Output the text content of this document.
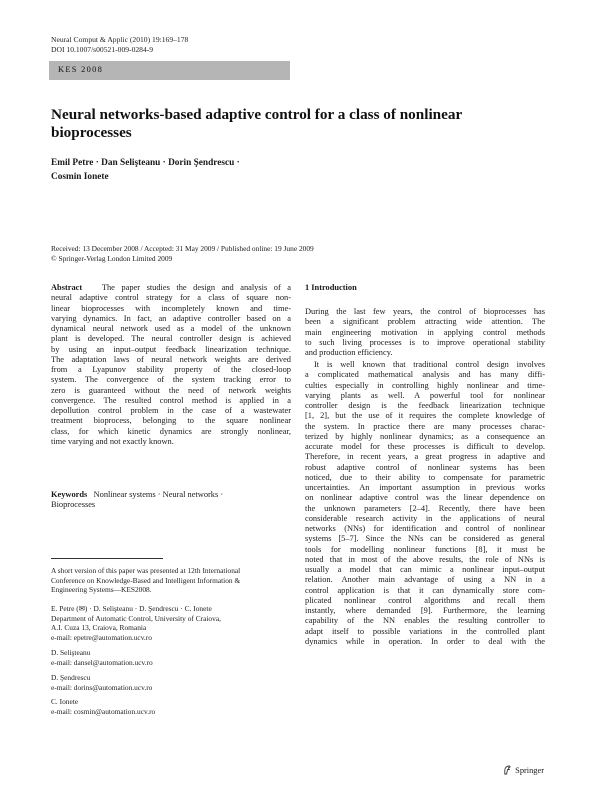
Neural Comput & Applic (2010) 19:169–178
DOI 10.1007/s00521-009-0284-9
KES 2008
Neural networks-based adaptive control for a class of nonlinear
bioprocesses
Emil Petre · Dan Selişteanu · Dorin Şendrescu ·
Cosmin Ionete
Received: 13 December 2008 / Accepted: 31 May 2009 / Published online: 19 June 2009
© Springer-Verlag London Limited 2009
Abstract The paper studies the design and analysis of a
neural adaptive control strategy for a class of square non-
linear bioprocesses with incompletely known and time-
varying dynamics. In fact, an adaptive controller based on a
dynamical neural network used as a model of the unknown
plant is developed. The neural controller design is achieved
by using an input–output feedback linearization technique.
The adaptation laws of neural network weights are derived
from a Lyapunov stability property of the closed-loop
system. The convergence of the system tracking error to
zero is guaranteed without the need of network weights
convergence. The resulted control method is applied in a
depollution control problem in the case of a wastewater
treatment bioprocess, belonging to the square nonlinear
class, for which kinetic dynamics are strongly nonlinear,
time varying and not exactly known.
Keywords Nonlinear systems · Neural networks ·
Bioprocesses
A short version of this paper was presented at 12th International
Conference on Knowledge-Based and Intelligent Information &
Engineering Systems—KES2008.
E. Petre (✉) · D. Selişteanu · D. Şendrescu · C. Ionete
Department of Automatic Control, University of Craiova,
A.I. Cuza 13, Craiova, Romania
e-mail: epetre@automation.ucv.ro
D. Selişteanu
e-mail: dansel@automation.ucv.ro
D. Şendrescu
e-mail: dorins@automation.ucv.ro
C. Ionete
e-mail: cosmin@automation.ucv.ro
1 Introduction
During the last few years, the control of bioprocesses has
been a significant problem attracting wide attention. The
main engineering motivation in applying control methods
to such living processes is to improve operational stability
and production efficiency.
It is well known that traditional control design involves
a complicated mathematical analysis and has many diffi-
culties especially in controlling highly nonlinear and time-
varying plants as well. A powerful tool for nonlinear
controller design is the feedback linearization technique
[1, 2], but the use of it requires the complete knowledge of
the system. In practice there are many processes charac-
terized by highly nonlinear dynamics; as a consequence an
accurate model for these processes is difficult to develop.
Therefore, in recent years, a great progress in adaptive and
robust adaptive control of nonlinear systems has been
noticed, due to their ability to compensate for parametric
uncertainties. An important assumption in previous works
on nonlinear adaptive control was the linear dependence on
the unknown parameters [2–4]. Recently, there have been
considerable research activity in the applications of neural
networks (NNs) for identification and control of nonlinear
systems [5–7]. Since the NNs can be considered as general
tools for modelling nonlinear functions [8], it must be
noted that in most of the above results, the role of NNs is
usually a model that can mimic a nonlinear input–output
relation. Another main advantage of using a NN in a
control application is that it can dynamically store com-
plicated nonlinear control algorithms and recall them
instantly, where demanded [9]. Furthermore, the learning
capability of the NN enables the resulting controller to
adapt itself to possible variations in the controlled plant
dynamics while in operation. In order to deal with the
Springer
